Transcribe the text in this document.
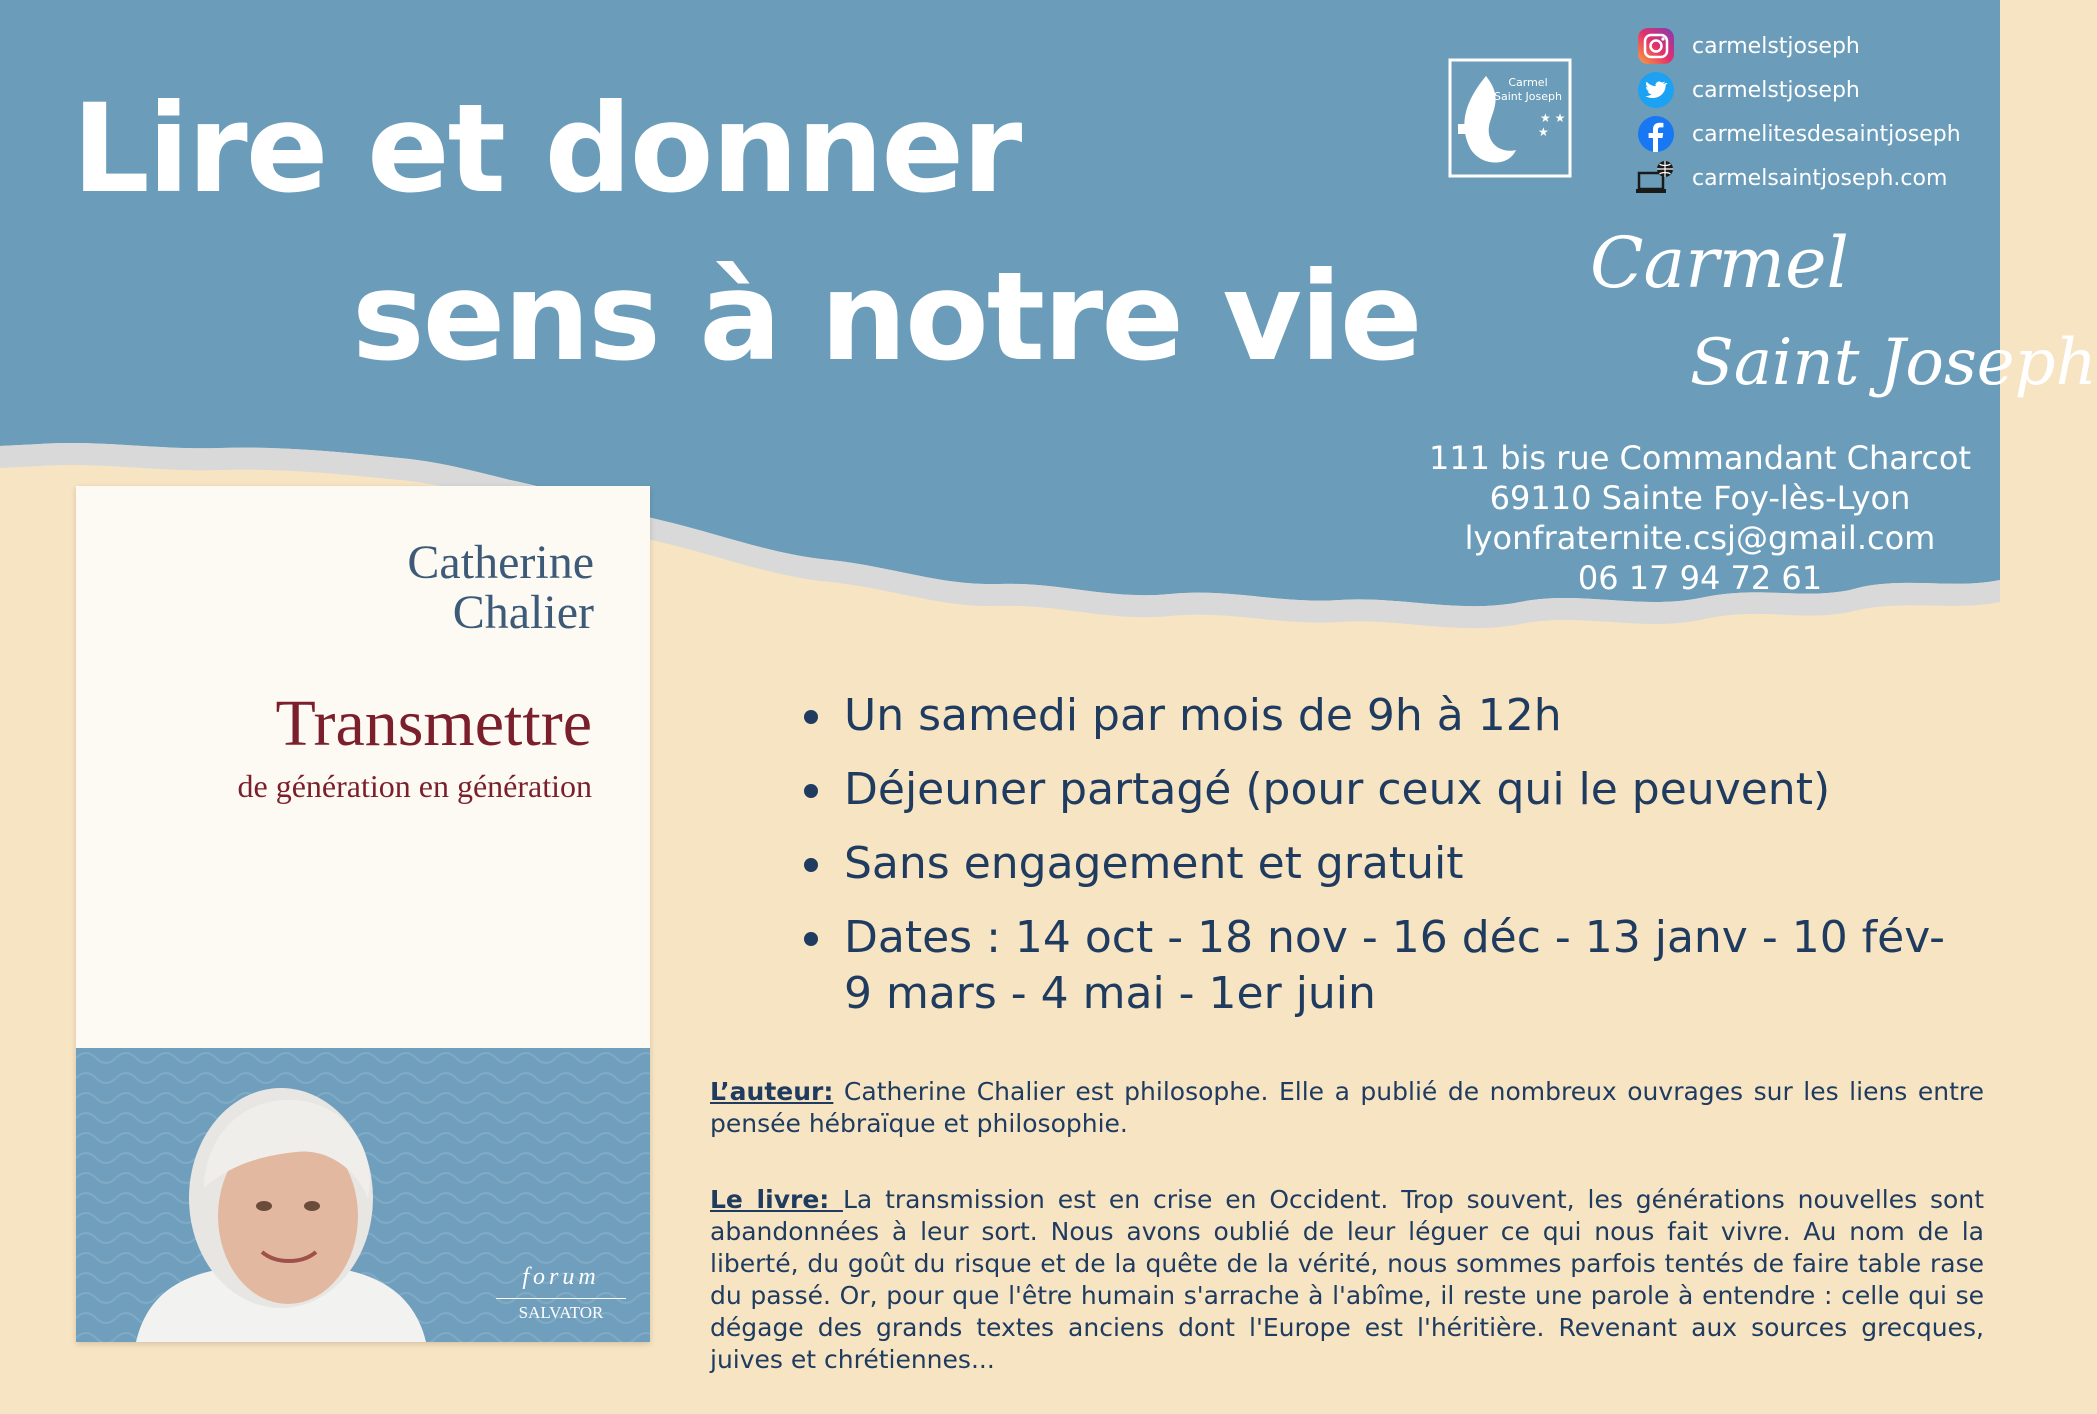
Lire et donner
sens à notre vie
Carmel
Saint Joseph
★ ★
★
carmelstjoseph
carmelstjoseph
carmelitesdesaintjoseph
carmelsaintjoseph.com
Carmel
Saint Joseph
111 bis rue Commandant Charcot
69110 Sainte Foy-lès-Lyon
lyonfraternite.csj@gmail.com
06 17 94 72 61
Catherine
Chalier
Transmettre
de génération en génération
forum
SALVATOR
Un samedi par mois de 9h à 12h
Déjeuner partagé (pour ceux qui le peuvent)
Sans engagement et gratuit
Dates : 14 oct - 18 nov - 16 déc - 13 janv - 10 fév- 9 mars - 4 mai - 1er juin

L’auteur: Catherine Chalier est philosophe. Elle a publié de nombreux ouvrages sur les liens entre pensée hébraïque et philosophie.

Le livre: La transmission est en crise en Occident. Trop souvent, les générations nouvelles sont abandonnées à leur sort. Nous avons oublié de leur léguer ce qui nous fait vivre. Au nom de la liberté, du goût du risque et de la quête de la vérité, nous sommes parfois tentés de faire table rase du passé. Or, pour que l'être humain s'arrache à l'abîme, il reste une parole à entendre : celle qui se dégage des grands textes anciens dont l'Europe est l'héritière. Revenant aux sources grecques, juives et chrétiennes...
